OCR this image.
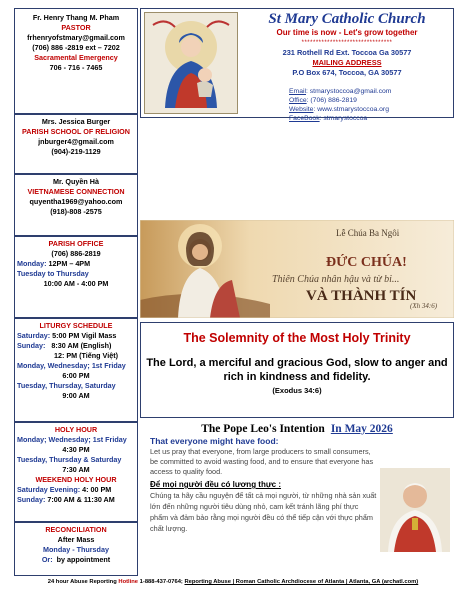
Fr. Henry Thang M. Pham
PASTOR
frhenryofstmary@gmail.com
(706) 886 -2819 ext – 7202
Sacramental Emergency
706 - 716 - 7465
Mrs. Jessica Burger
PARISH SCHOOL OF RELIGION
jnburger4@gmail.com
(904)-219-1129
Mr. Quyền Hà
VIETNAMESE CONNECTION
quyentha1969@yahoo.com
(918)-808 -2575
PARISH OFFICE
(706) 886-2819
Monday: 12PM – 4PM
Tuesday to Thursday
10:00 AM - 4:00 PM
LITURGY SCHEDULE
Saturday: 5:00 PM Vigil Mass
Sunday: 8:30 AM (English)
12: PM (Tiếng Việt)
Monday, Wednesday; 1st Friday
6:00 PM
Tuesday, Thursday, Saturday
9:00 AM
HOLY HOUR
Monday; Wednesday; 1st Friday
4:30 PM
Tuesday, Thursday & Saturday
7:30 AM
WEEKEND HOLY HOUR
Saturday Evening: 4: 00 PM
Sunday: 7:00 AM & 11:30 AM
RECONCILIATION
After Mass
Monday - Thursday
Or: by appointment
St Mary Catholic Church
Our time is now - Let's grow together
********************************
231 Rothell Rd Ext. Toccoa Ga 30577
MAILING ADDRESS
P.O Box 674, Toccoa, GA 30577
Email: stmarystoccoa@gmail.com
Office: (706) 886-2819
Website: www.stmarystoccoa.org
FaceBook: stmarystoccoa
Lễ Chúa Ba Ngôi
ĐỨC CHÚA!
Thiên Chúa nhân hậu và từ bi...
VÀ THÀNH TÍN
(Xh 34:6)
The Solemnity of the Most Holy Trinity
The Lord, a merciful and gracious God, slow to anger and rich in kindness and fidelity.
(Exodus 34:6)
The Pope Leo's Intention In May 2026
That everyone might have food:
Let us pray that everyone, from large producers to small consumers, be committed to avoid wasting food, and to ensure that everyone has access to quality food.
Để mọi người đều có lương thực :
Chúng ta hãy cầu nguyện để tất cả mọi người, từ những nhà sản xuất lớn đến những người tiêu dùng nhỏ, cam kết tránh lãng phí thực phẩm và đảm bảo rằng mọi người đều có thể tiếp cận với thực phẩm chất lượng.
24 hour Abuse Reporting Hotline 1-888-437-0764; Reporting Abuse | Roman Catholic Archdiocese of Atlanta | Atlanta, GA (archatl.com)
